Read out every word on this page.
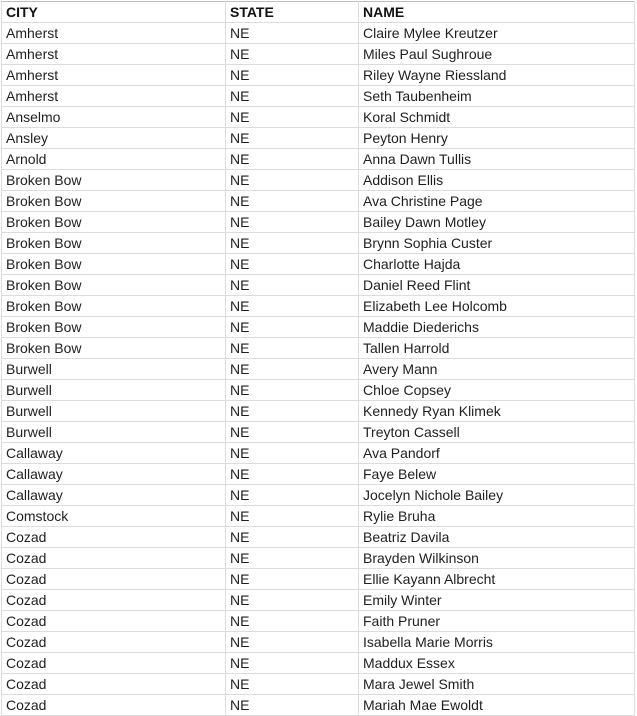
CITY	STATE	NAME
Amherst	NE	Claire Mylee Kreutzer
Amherst	NE	Miles Paul Sughroue
Amherst	NE	Riley Wayne Riessland
Amherst	NE	Seth Taubenheim
Anselmo	NE	Koral Schmidt
Ansley	NE	Peyton Henry
Arnold	NE	Anna Dawn Tullis
Broken Bow	NE	Addison Ellis
Broken Bow	NE	Ava Christine Page
Broken Bow	NE	Bailey Dawn Motley
Broken Bow	NE	Brynn Sophia Custer
Broken Bow	NE	Charlotte Hajda
Broken Bow	NE	Daniel Reed Flint
Broken Bow	NE	Elizabeth Lee Holcomb
Broken Bow	NE	Maddie Diederichs
Broken Bow	NE	Tallen Harrold
Burwell	NE	Avery Mann
Burwell	NE	Chloe Copsey
Burwell	NE	Kennedy Ryan Klimek
Burwell	NE	Treyton Cassell
Callaway	NE	Ava Pandorf
Callaway	NE	Faye Belew
Callaway	NE	Jocelyn Nichole Bailey
Comstock	NE	Rylie Bruha
Cozad	NE	Beatriz Davila
Cozad	NE	Brayden Wilkinson
Cozad	NE	Ellie Kayann Albrecht
Cozad	NE	Emily Winter
Cozad	NE	Faith Pruner
Cozad	NE	Isabella Marie Morris
Cozad	NE	Maddux Essex
Cozad	NE	Mara Jewel Smith
Cozad	NE	Mariah Mae Ewoldt
